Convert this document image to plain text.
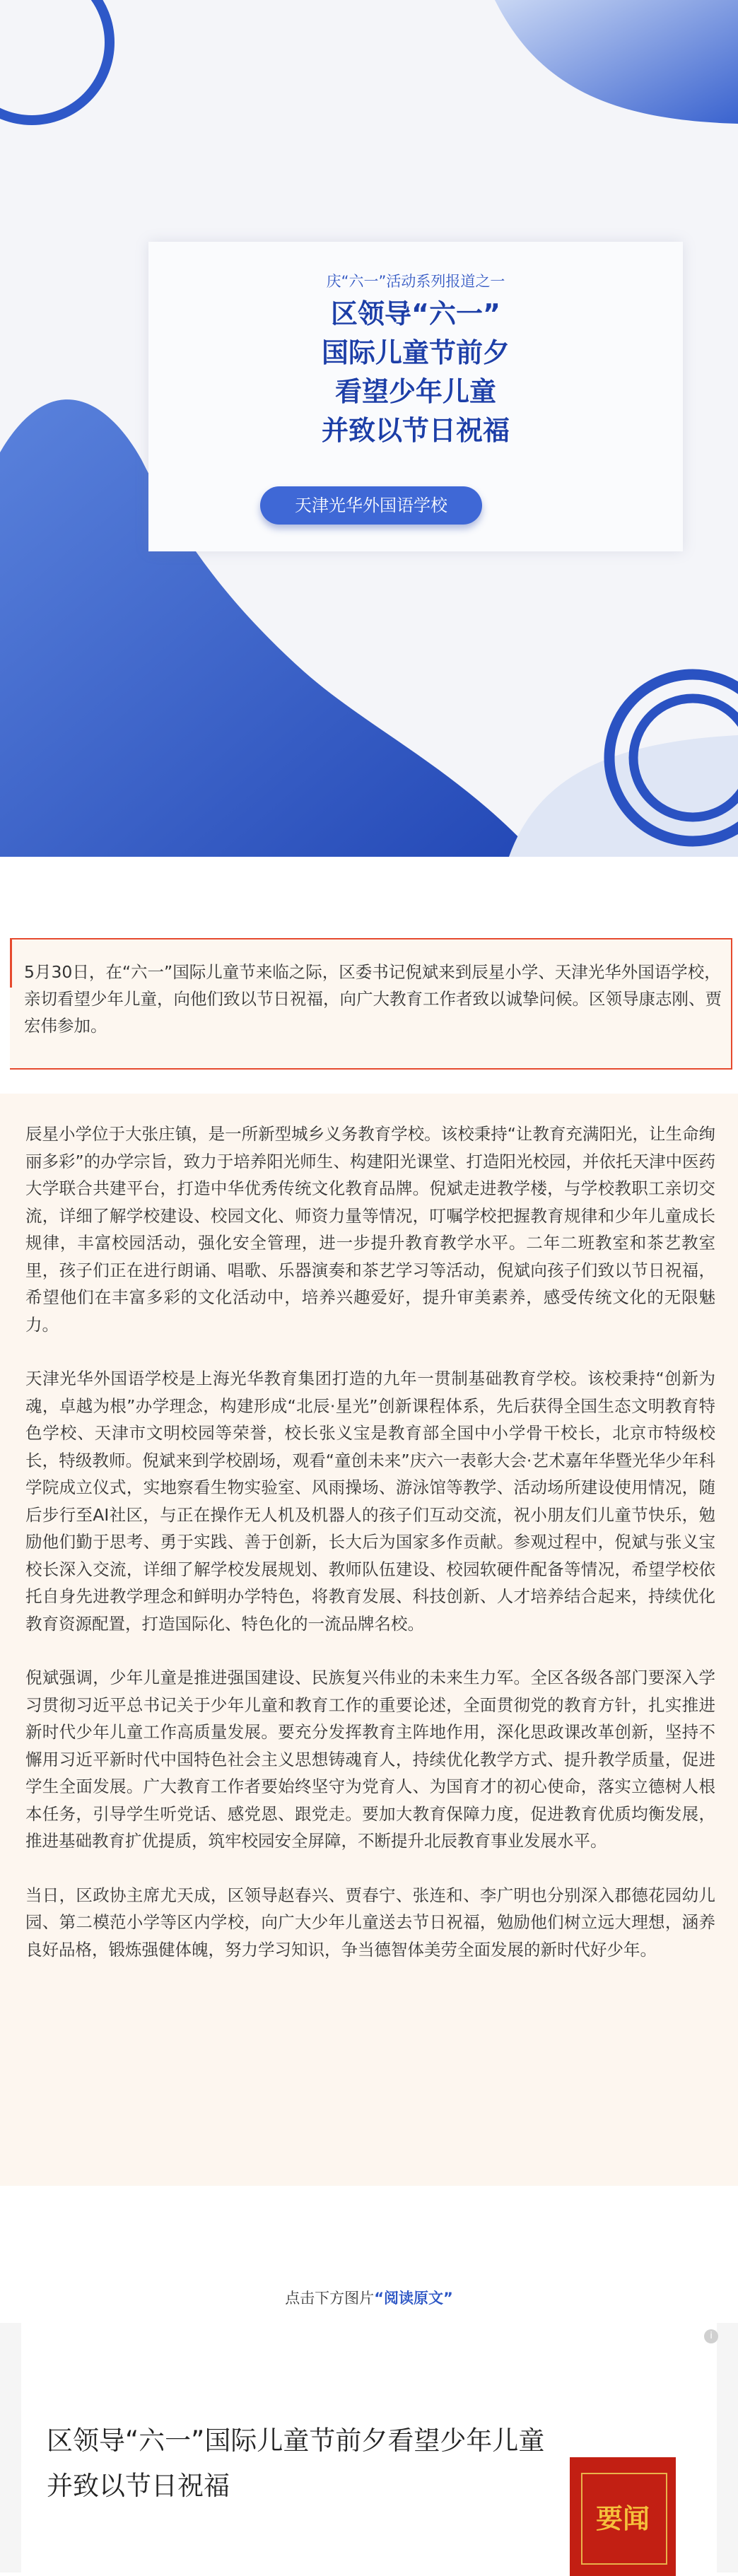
庆“六一”活动系列报道之一
区领导“六一”
国际儿童节前夕
看望少年儿童
并致以节日祝福
天津光华外国语学校
5月30日，在“六一”国际儿童节来临之际，区委书记倪斌来到辰星小学、天津光华外国语学校，亲切看望少年儿童，向他们致以节日祝福，向广大教育工作者致以诚挚问候。区领导康志刚、贾宏伟参加。

辰星小学位于大张庄镇，是一所新型城乡义务教育学校。该校秉持“让教育充满阳光，让生命绚丽多彩”的办学宗旨，致力于培养阳光师生、构建阳光课堂、打造阳光校园，并依托天津中医药大学联合共建平台，打造中华优秀传统文化教育品牌。倪斌走进教学楼，与学校教职工亲切交流，详细了解学校建设、校园文化、师资力量等情况，叮嘱学校把握教育规律和少年儿童成长规律，丰富校园活动，强化安全管理，进一步提升教育教学水平。二年二班教室和茶艺教室里，孩子们正在进行朗诵、唱歌、乐器演奏和茶艺学习等活动，倪斌向孩子们致以节日祝福，希望他们在丰富多彩的文化活动中，培养兴趣爱好，提升审美素养，感受传统文化的无限魅力。

天津光华外国语学校是上海光华教育集团打造的九年一贯制基础教育学校。该校秉持“创新为魂，卓越为根”办学理念，构建形成“北辰·星光”创新课程体系，先后获得全国生态文明教育特色学校、天津市文明校园等荣誉，校长张义宝是教育部全国中小学骨干校长，北京市特级校长，特级教师。倪斌来到学校剧场，观看“童创未来”庆六一表彰大会·艺术嘉年华暨光华少年科学院成立仪式，实地察看生物实验室、风雨操场、游泳馆等教学、活动场所建设使用情况，随后步行至AI社区，与正在操作无人机及机器人的孩子们互动交流，祝小朋友们儿童节快乐，勉励他们勤于思考、勇于实践、善于创新，长大后为国家多作贡献。参观过程中，倪斌与张义宝校长深入交流，详细了解学校发展规划、教师队伍建设、校园软硬件配备等情况，希望学校依托自身先进教学理念和鲜明办学特色，将教育发展、科技创新、人才培养结合起来，持续优化教育资源配置，打造国际化、特色化的一流品牌名校。

倪斌强调，少年儿童是推进强国建设、民族复兴伟业的未来生力军。全区各级各部门要深入学习贯彻习近平总书记关于少年儿童和教育工作的重要论述，全面贯彻党的教育方针，扎实推进新时代少年儿童工作高质量发展。要充分发挥教育主阵地作用，深化思政课改革创新，坚持不懈用习近平新时代中国特色社会主义思想铸魂育人，持续优化教学方式、提升教学质量，促进学生全面发展。广大教育工作者要始终坚守为党育人、为国育才的初心使命，落实立德树人根本任务，引导学生听党话、感党恩、跟党走。要加大教育保障力度，促进教育优质均衡发展，推进基础教育扩优提质，筑牢校园安全屏障，不断提升北辰教育事业发展水平。

当日，区政协主席尤天成，区领导赵春兴、贾春宁、张连和、李广明也分别深入郡德花园幼儿园、第二模范小学等区内学校，向广大少年儿童送去节日祝福，勉励他们树立远大理想，涵养良好品格，锻炼强健体魄，努力学习知识，争当德智体美劳全面发展的新时代好少年。

点击下方图片“阅读原文”
区领导“六一”国际儿童节前夕看望少年儿童并致以节日祝福
i
要闻
